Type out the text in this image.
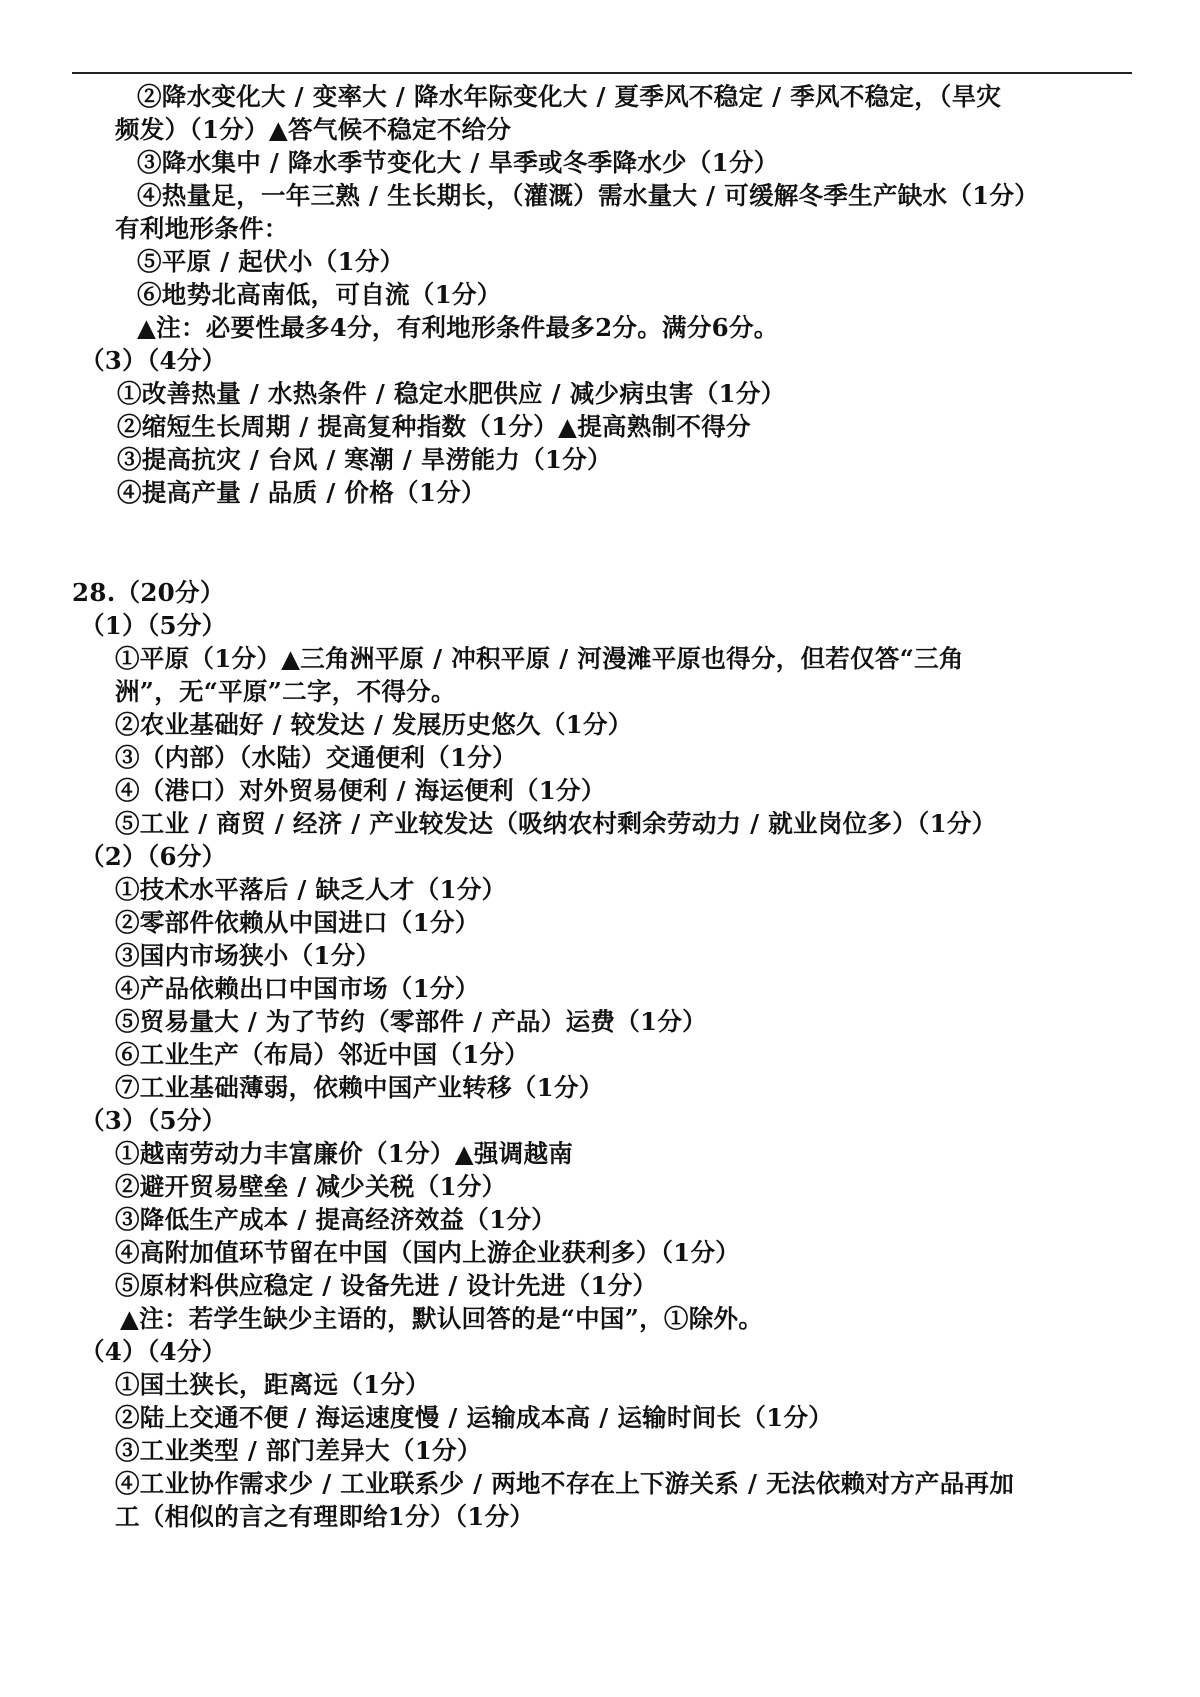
②降水变化大 / 变率大 / 降水年际变化大 / 夏季风不稳定 / 季风不稳定，（旱灾
频发）（1分）▲答气候不稳定不给分
③降水集中 / 降水季节变化大 / 旱季或冬季降水少（1分）
④热量足，一年三熟 / 生长期长，（灌溉）需水量大 / 可缓解冬季生产缺水（1分）
有利地形条件：
⑤平原 / 起伏小（1分）
⑥地势北高南低，可自流（1分）
▲注：必要性最多4分，有利地形条件最多2分。满分6分。
（3）（4分）
①改善热量 / 水热条件 / 稳定水肥供应 / 减少病虫害（1分）
②缩短生长周期 / 提高复种指数（1分）▲提高熟制不得分
③提高抗灾 / 台风 / 寒潮 / 旱涝能力（1分）
④提高产量 / 品质 / 价格（1分）
28.（20分）
（1）（5分）
①平原（1分）▲三角洲平原 / 冲积平原 / 河漫滩平原也得分，但若仅答“三角
洲”，无“平原”二字，不得分。
②农业基础好 / 较发达 / 发展历史悠久（1分）
③（内部）（水陆）交通便利（1分）
④（港口）对外贸易便利 / 海运便利（1分）
⑤工业 / 商贸 / 经济 / 产业较发达（吸纳农村剩余劳动力 / 就业岗位多）（1分）
（2）（6分）
①技术水平落后 / 缺乏人才（1分）
②零部件依赖从中国进口（1分）
③国内市场狭小（1分）
④产品依赖出口中国市场（1分）
⑤贸易量大 / 为了节约（零部件 / 产品）运费（1分）
⑥工业生产（布局）邻近中国（1分）
⑦工业基础薄弱，依赖中国产业转移（1分）
（3）（5分）
①越南劳动力丰富廉价（1分）▲强调越南
②避开贸易壁垒 / 减少关税（1分）
③降低生产成本 / 提高经济效益（1分）
④高附加值环节留在中国（国内上游企业获利多）（1分）
⑤原材料供应稳定 / 设备先进 / 设计先进（1分）
▲注：若学生缺少主语的，默认回答的是“中国”，①除外。
（4）（4分）
①国土狭长，距离远（1分）
②陆上交通不便 / 海运速度慢 / 运输成本高 / 运输时间长（1分）
③工业类型 / 部门差异大（1分）
④工业协作需求少 / 工业联系少 / 两地不存在上下游关系 / 无法依赖对方产品再加
工（相似的言之有理即给1分）（1分）
